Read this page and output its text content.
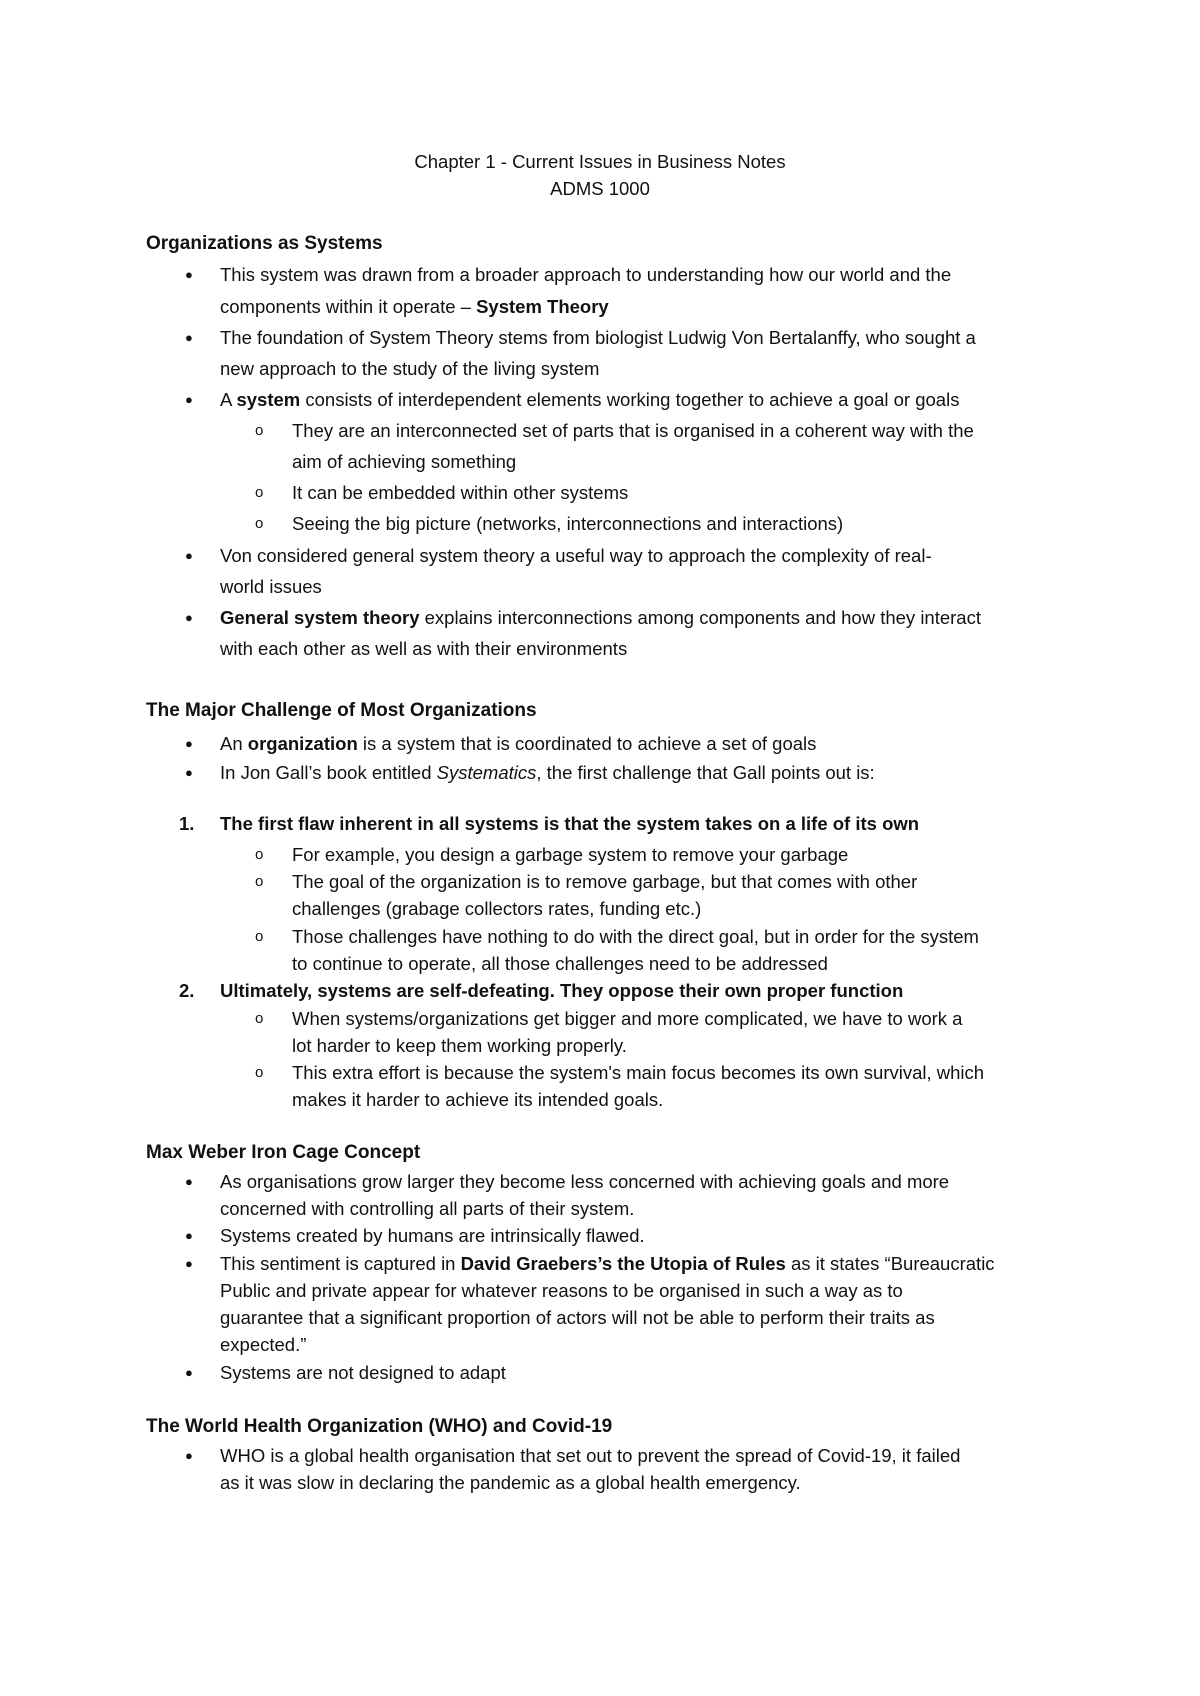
Chapter 1 - Current Issues in Business Notes
ADMS 1000
Organizations as Systems
● This system was drawn from a broader approach to understanding how our world and the
components within it operate – System Theory
● The foundation of System Theory stems from biologist Ludwig Von Bertalanffy, who sought a
new approach to the study of the living system
● A system consists of interdependent elements working together to achieve a goal or goals
o They are an interconnected set of parts that is organised in a coherent way with the
aim of achieving something
o It can be embedded within other systems
o Seeing the big picture (networks, interconnections and interactions)
● Von considered general system theory a useful way to approach the complexity of real-
world issues
● General system theory explains interconnections among components and how they interact
with each other as well as with their environments
The Major Challenge of Most Organizations
● An organization is a system that is coordinated to achieve a set of goals
● In Jon Gall’s book entitled Systematics, the first challenge that Gall points out is:
1. The first flaw inherent in all systems is that the system takes on a life of its own
o For example, you design a garbage system to remove your garbage
o The goal of the organization is to remove garbage, but that comes with other
challenges (grabage collectors rates, funding etc.)
o Those challenges have nothing to do with the direct goal, but in order for the system
to continue to operate, all those challenges need to be addressed
2. Ultimately, systems are self-defeating. They oppose their own proper function
o When systems/organizations get bigger and more complicated, we have to work a
lot harder to keep them working properly.
o This extra effort is because the system's main focus becomes its own survival, which
makes it harder to achieve its intended goals.
Max Weber Iron Cage Concept
● As organisations grow larger they become less concerned with achieving goals and more
concerned with controlling all parts of their system.
● Systems created by humans are intrinsically flawed.
● This sentiment is captured in David Graebers’s the Utopia of Rules as it states “Bureaucratic
Public and private appear for whatever reasons to be organised in such a way as to
guarantee that a significant proportion of actors will not be able to perform their traits as
expected.”
● Systems are not designed to adapt
The World Health Organization (WHO) and Covid-19
● WHO is a global health organisation that set out to prevent the spread of Covid-19, it failed
as it was slow in declaring the pandemic as a global health emergency.
